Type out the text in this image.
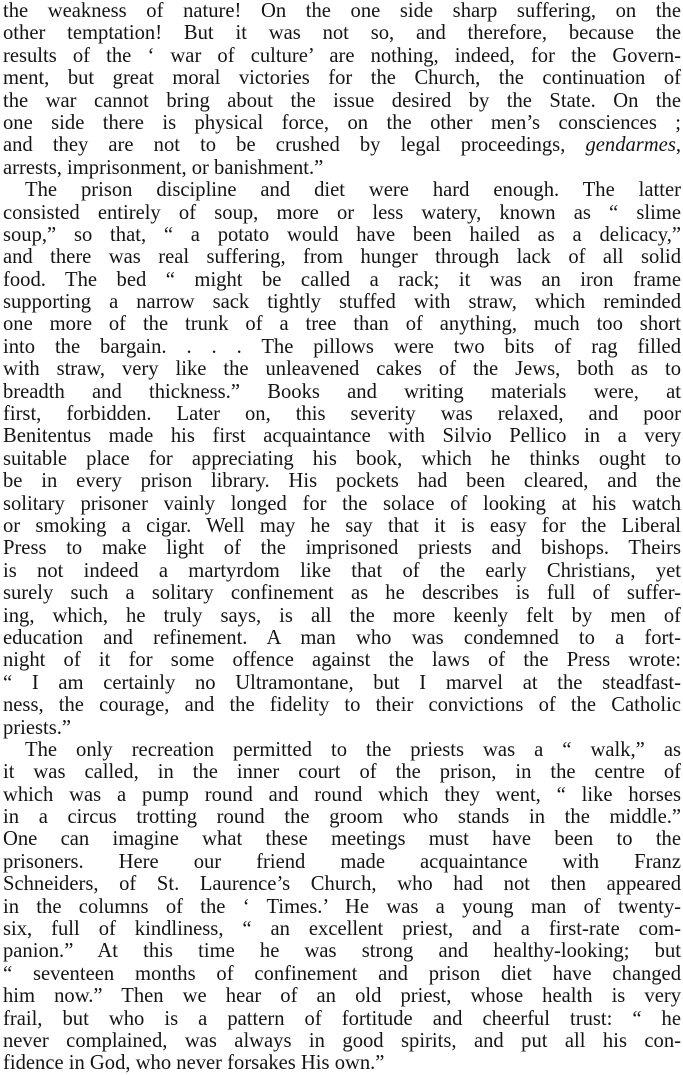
the weakness of nature! On the one side sharp suffering, on the
other temptation! But it was not so, and therefore, because the
results of the ‘ war of culture’ are nothing, indeed, for the Govern-
ment, but great moral victories for the Church, the continuation of
the war cannot bring about the issue desired by the State. On the
one side there is physical force, on the other men’s consciences ;
and they are not to be crushed by legal proceedings, gendarmes,
arrests, imprisonment, or banishment.”
The prison discipline and diet were hard enough. The latter
consisted entirely of soup, more or less watery, known as “ slime
soup,” so that, “ a potato would have been hailed as a delicacy,”
and there was real suffering, from hunger through lack of all solid
food. The bed “ might be called a rack; it was an iron frame
supporting a narrow sack tightly stuffed with straw, which reminded
one more of the trunk of a tree than of anything, much too short
into the bargain. . . . The pillows were two bits of rag filled
with straw, very like the unleavened cakes of the Jews, both as to
breadth and thickness.” Books and writing materials were, at
first, forbidden. Later on, this severity was relaxed, and poor
Benitentus made his first acquaintance with Silvio Pellico in a very
suitable place for appreciating his book, which he thinks ought to
be in every prison library. His pockets had been cleared, and the
solitary prisoner vainly longed for the solace of looking at his watch
or smoking a cigar. Well may he say that it is easy for the Liberal
Press to make light of the imprisoned priests and bishops. Theirs
is not indeed a martyrdom like that of the early Christians, yet
surely such a solitary confinement as he describes is full of suffer-
ing, which, he truly says, is all the more keenly felt by men of
education and refinement. A man who was condemned to a fort-
night of it for some offence against the laws of the Press wrote:
“ I am certainly no Ultramontane, but I marvel at the steadfast-
ness, the courage, and the fidelity to their convictions of the Catholic
priests.”
The only recreation permitted to the priests was a “ walk,” as
it was called, in the inner court of the prison, in the centre of
which was a pump round and round which they went, “ like horses
in a circus trotting round the groom who stands in the middle.”
One can imagine what these meetings must have been to the
prisoners. Here our friend made acquaintance with Franz
Schneiders, of St. Laurence’s Church, who had not then appeared
in the columns of the ‘ Times.’ He was a young man of twenty-
six, full of kindliness, “ an excellent priest, and a first-rate com-
panion.” At this time he was strong and healthy-looking; but
“ seventeen months of confinement and prison diet have changed
him now.” Then we hear of an old priest, whose health is very
frail, but who is a pattern of fortitude and cheerful trust: “ he
never complained, was always in good spirits, and put all his con-
fidence in God, who never forsakes His own.”
